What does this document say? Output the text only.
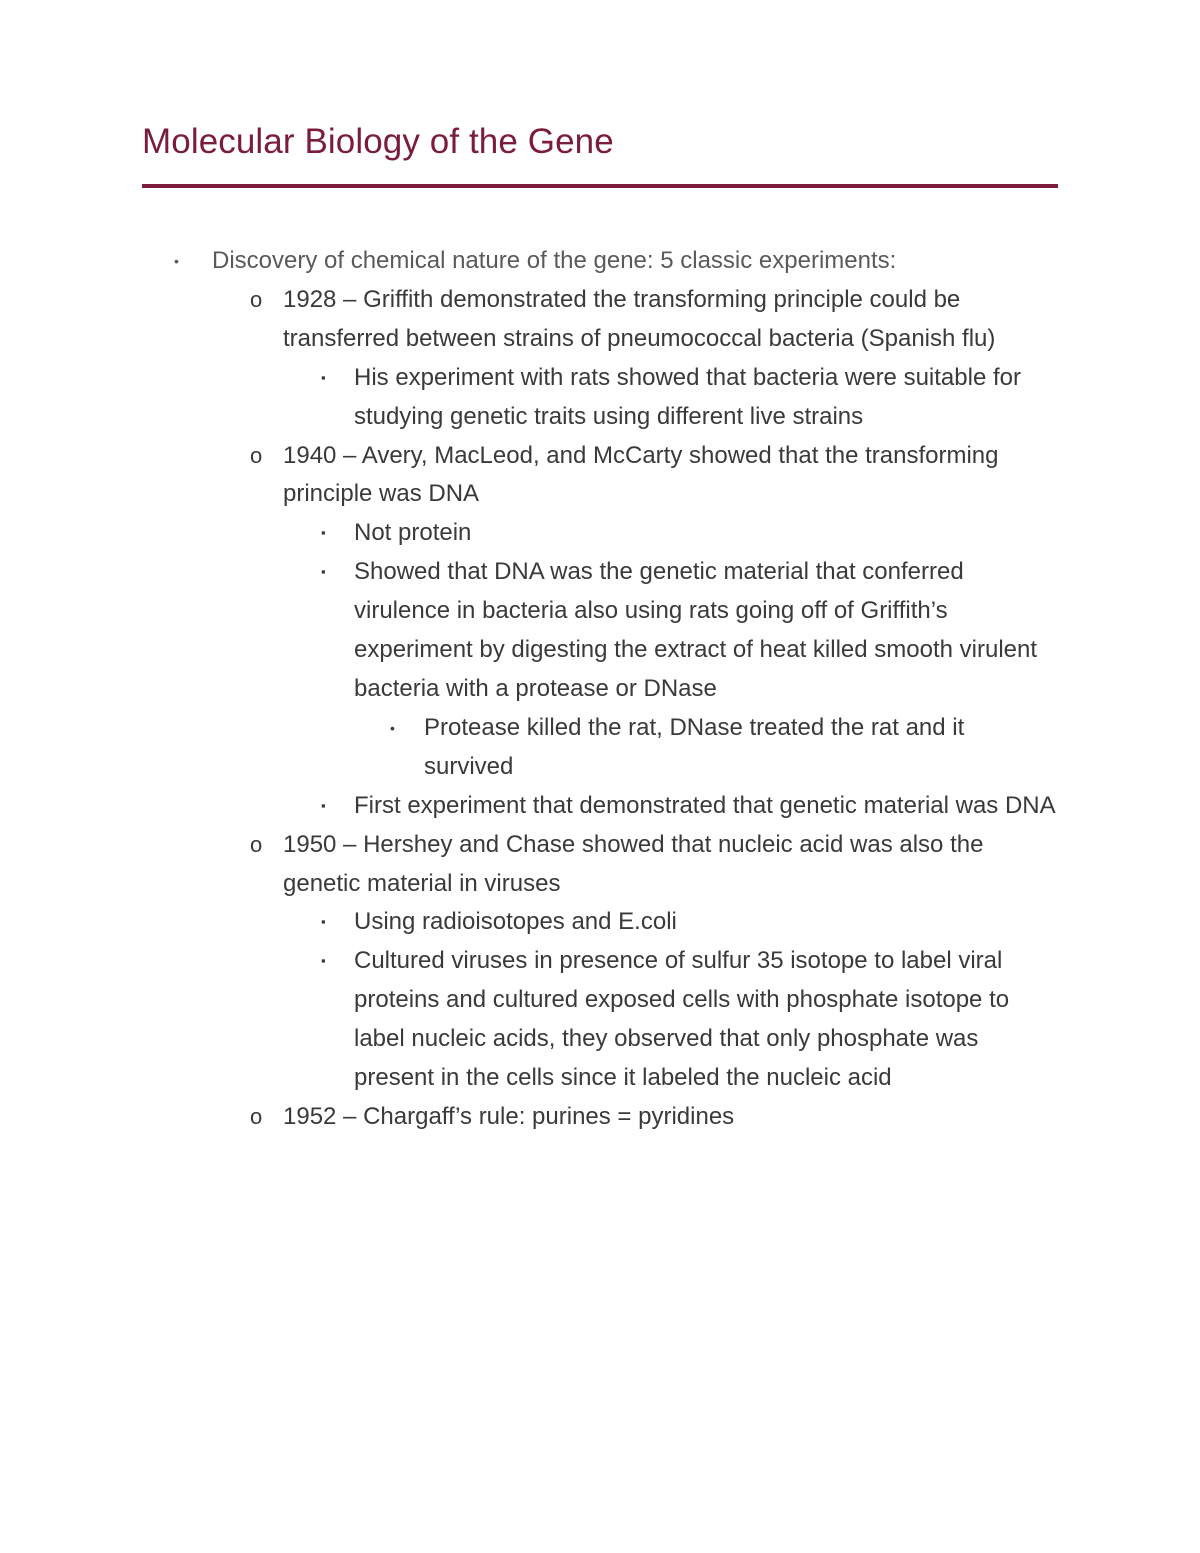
Molecular Biology of the Gene

• Discovery of chemical nature of the gene: 5 classic experiments:

o 1928 – Griffith demonstrated the transforming principle could be transferred between strains of pneumococcal bacteria (Spanish flu)

▪ His experiment with rats showed that bacteria were suitable for studying genetic traits using different live strains

o 1940 – Avery, MacLeod, and McCarty showed that the transforming principle was DNA

▪ Not protein

▪ Showed that DNA was the genetic material that conferred virulence in bacteria also using rats going off of Griffith’s experiment by digesting the extract of heat killed smooth virulent bacteria with a protease or DNase

• Protease killed the rat, DNase treated the rat and it survived

▪ First experiment that demonstrated that genetic material was DNA

o 1950 – Hershey and Chase showed that nucleic acid was also the genetic material in viruses

▪ Using radioisotopes and E.coli

▪ Cultured viruses in presence of sulfur 35 isotope to label viral proteins and cultured exposed cells with phosphate isotope to label nucleic acids, they observed that only phosphate was present in the cells since it labeled the nucleic acid

o 1952 – Chargaff’s rule: purines = pyridines
